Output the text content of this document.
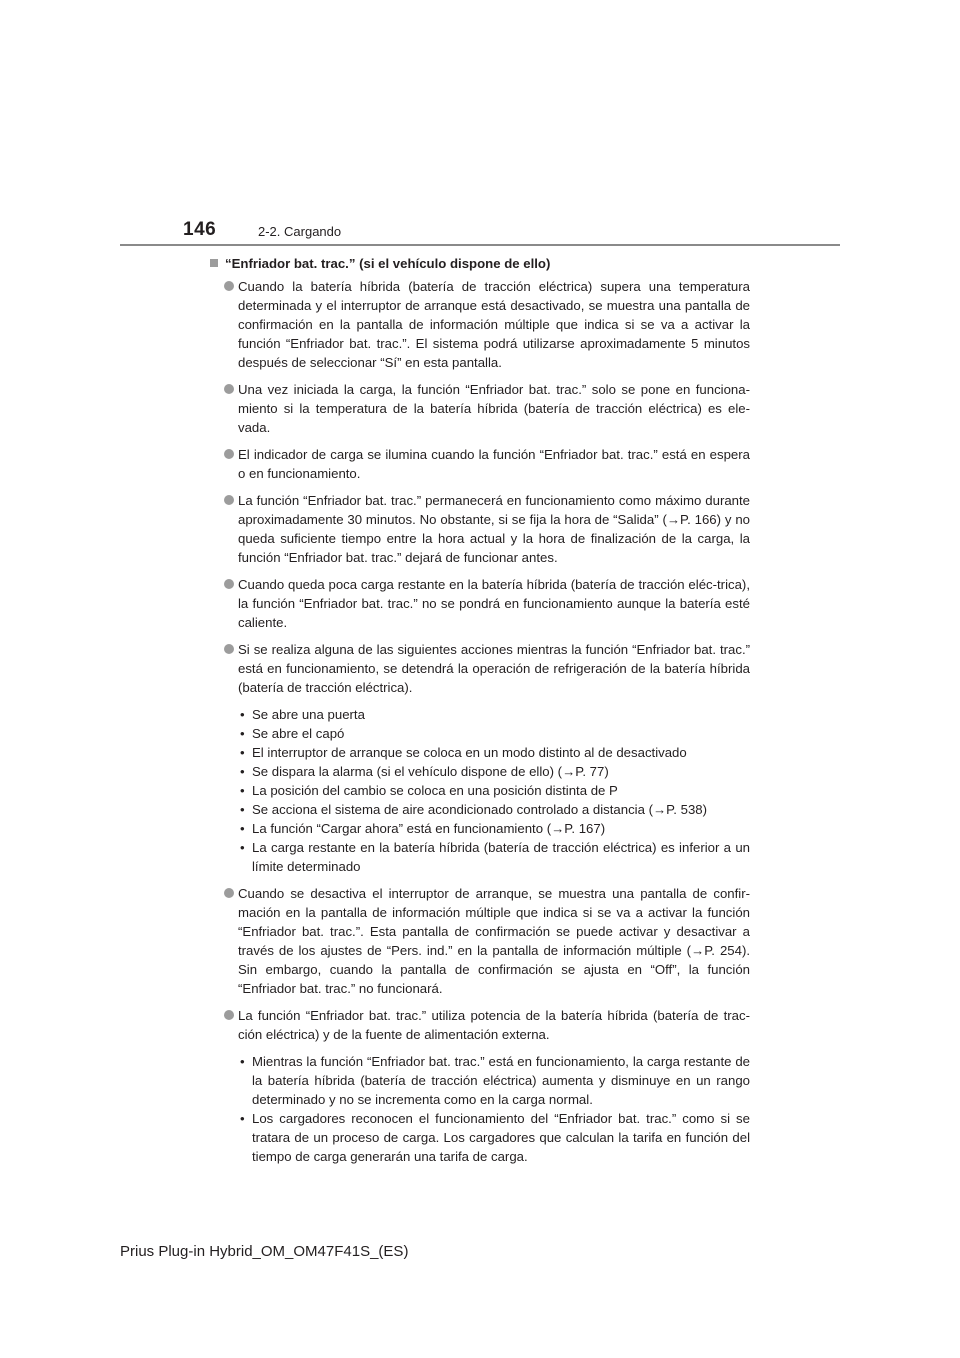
146	2-2. Cargando
“Enfriador bat. trac.” (si el vehículo dispone de ello)
Cuando la batería híbrida (batería de tracción eléctrica) supera una temperatura determinada y el interruptor de arranque está desactivado, se muestra una pantalla de confirmación en la pantalla de información múltiple que indica si se va a activar la función “Enfriador bat. trac.”. El sistema podrá utilizarse aproximadamente 5 minutos después de seleccionar “Sí” en esta pantalla.
Una vez iniciada la carga, la función “Enfriador bat. trac.” solo se pone en funciona-miento si la temperatura de la batería híbrida (batería de tracción eléctrica) es ele-vada.
El indicador de carga se ilumina cuando la función “Enfriador bat. trac.” está en espera o en funcionamiento.
La función “Enfriador bat. trac.” permanecerá en funcionamiento como máximo durante aproximadamente 30 minutos. No obstante, si se fija la hora de “Salida” (→P. 166) y no queda suficiente tiempo entre la hora actual y la hora de finalización de la carga, la función “Enfriador bat. trac.” dejará de funcionar antes.
Cuando queda poca carga restante en la batería híbrida (batería de tracción eléc-trica), la función “Enfriador bat. trac.” no se pondrá en funcionamiento aunque la batería esté caliente.
Si se realiza alguna de las siguientes acciones mientras la función “Enfriador bat. trac.” está en funcionamiento, se detendrá la operación de refrigeración de la batería híbrida (batería de tracción eléctrica).
• Se abre una puerta
• Se abre el capó
• El interruptor de arranque se coloca en un modo distinto al de desactivado
• Se dispara la alarma (si el vehículo dispone de ello) (→P. 77)
• La posición del cambio se coloca en una posición distinta de P
• Se acciona el sistema de aire acondicionado controlado a distancia (→P. 538)
• La función “Cargar ahora” está en funcionamiento (→P. 167)
• La carga restante en la batería híbrida (batería de tracción eléctrica) es inferior a un límite determinado
Cuando se desactiva el interruptor de arranque, se muestra una pantalla de confir-mación en la pantalla de información múltiple que indica si se va a activar la función “Enfriador bat. trac.”. Esta pantalla de confirmación se puede activar y desactivar a través de los ajustes de “Pers. ind.” en la pantalla de información múltiple (→P. 254). Sin embargo, cuando la pantalla de confirmación se ajusta en “Off”, la función “Enfriador bat. trac.” no funcionará.
La función “Enfriador bat. trac.” utiliza potencia de la batería híbrida (batería de trac-ción eléctrica) y de la fuente de alimentación externa.
• Mientras la función “Enfriador bat. trac.” está en funcionamiento, la carga restante de la batería híbrida (batería de tracción eléctrica) aumenta y disminuye en un rango determinado y no se incrementa como en la carga normal.
• Los cargadores reconocen el funcionamiento del “Enfriador bat. trac.” como si se tratara de un proceso de carga. Los cargadores que calculan la tarifa en función del tiempo de carga generarán una tarifa de carga.
Prius Plug-in Hybrid_OM_OM47F41S_(ES)
